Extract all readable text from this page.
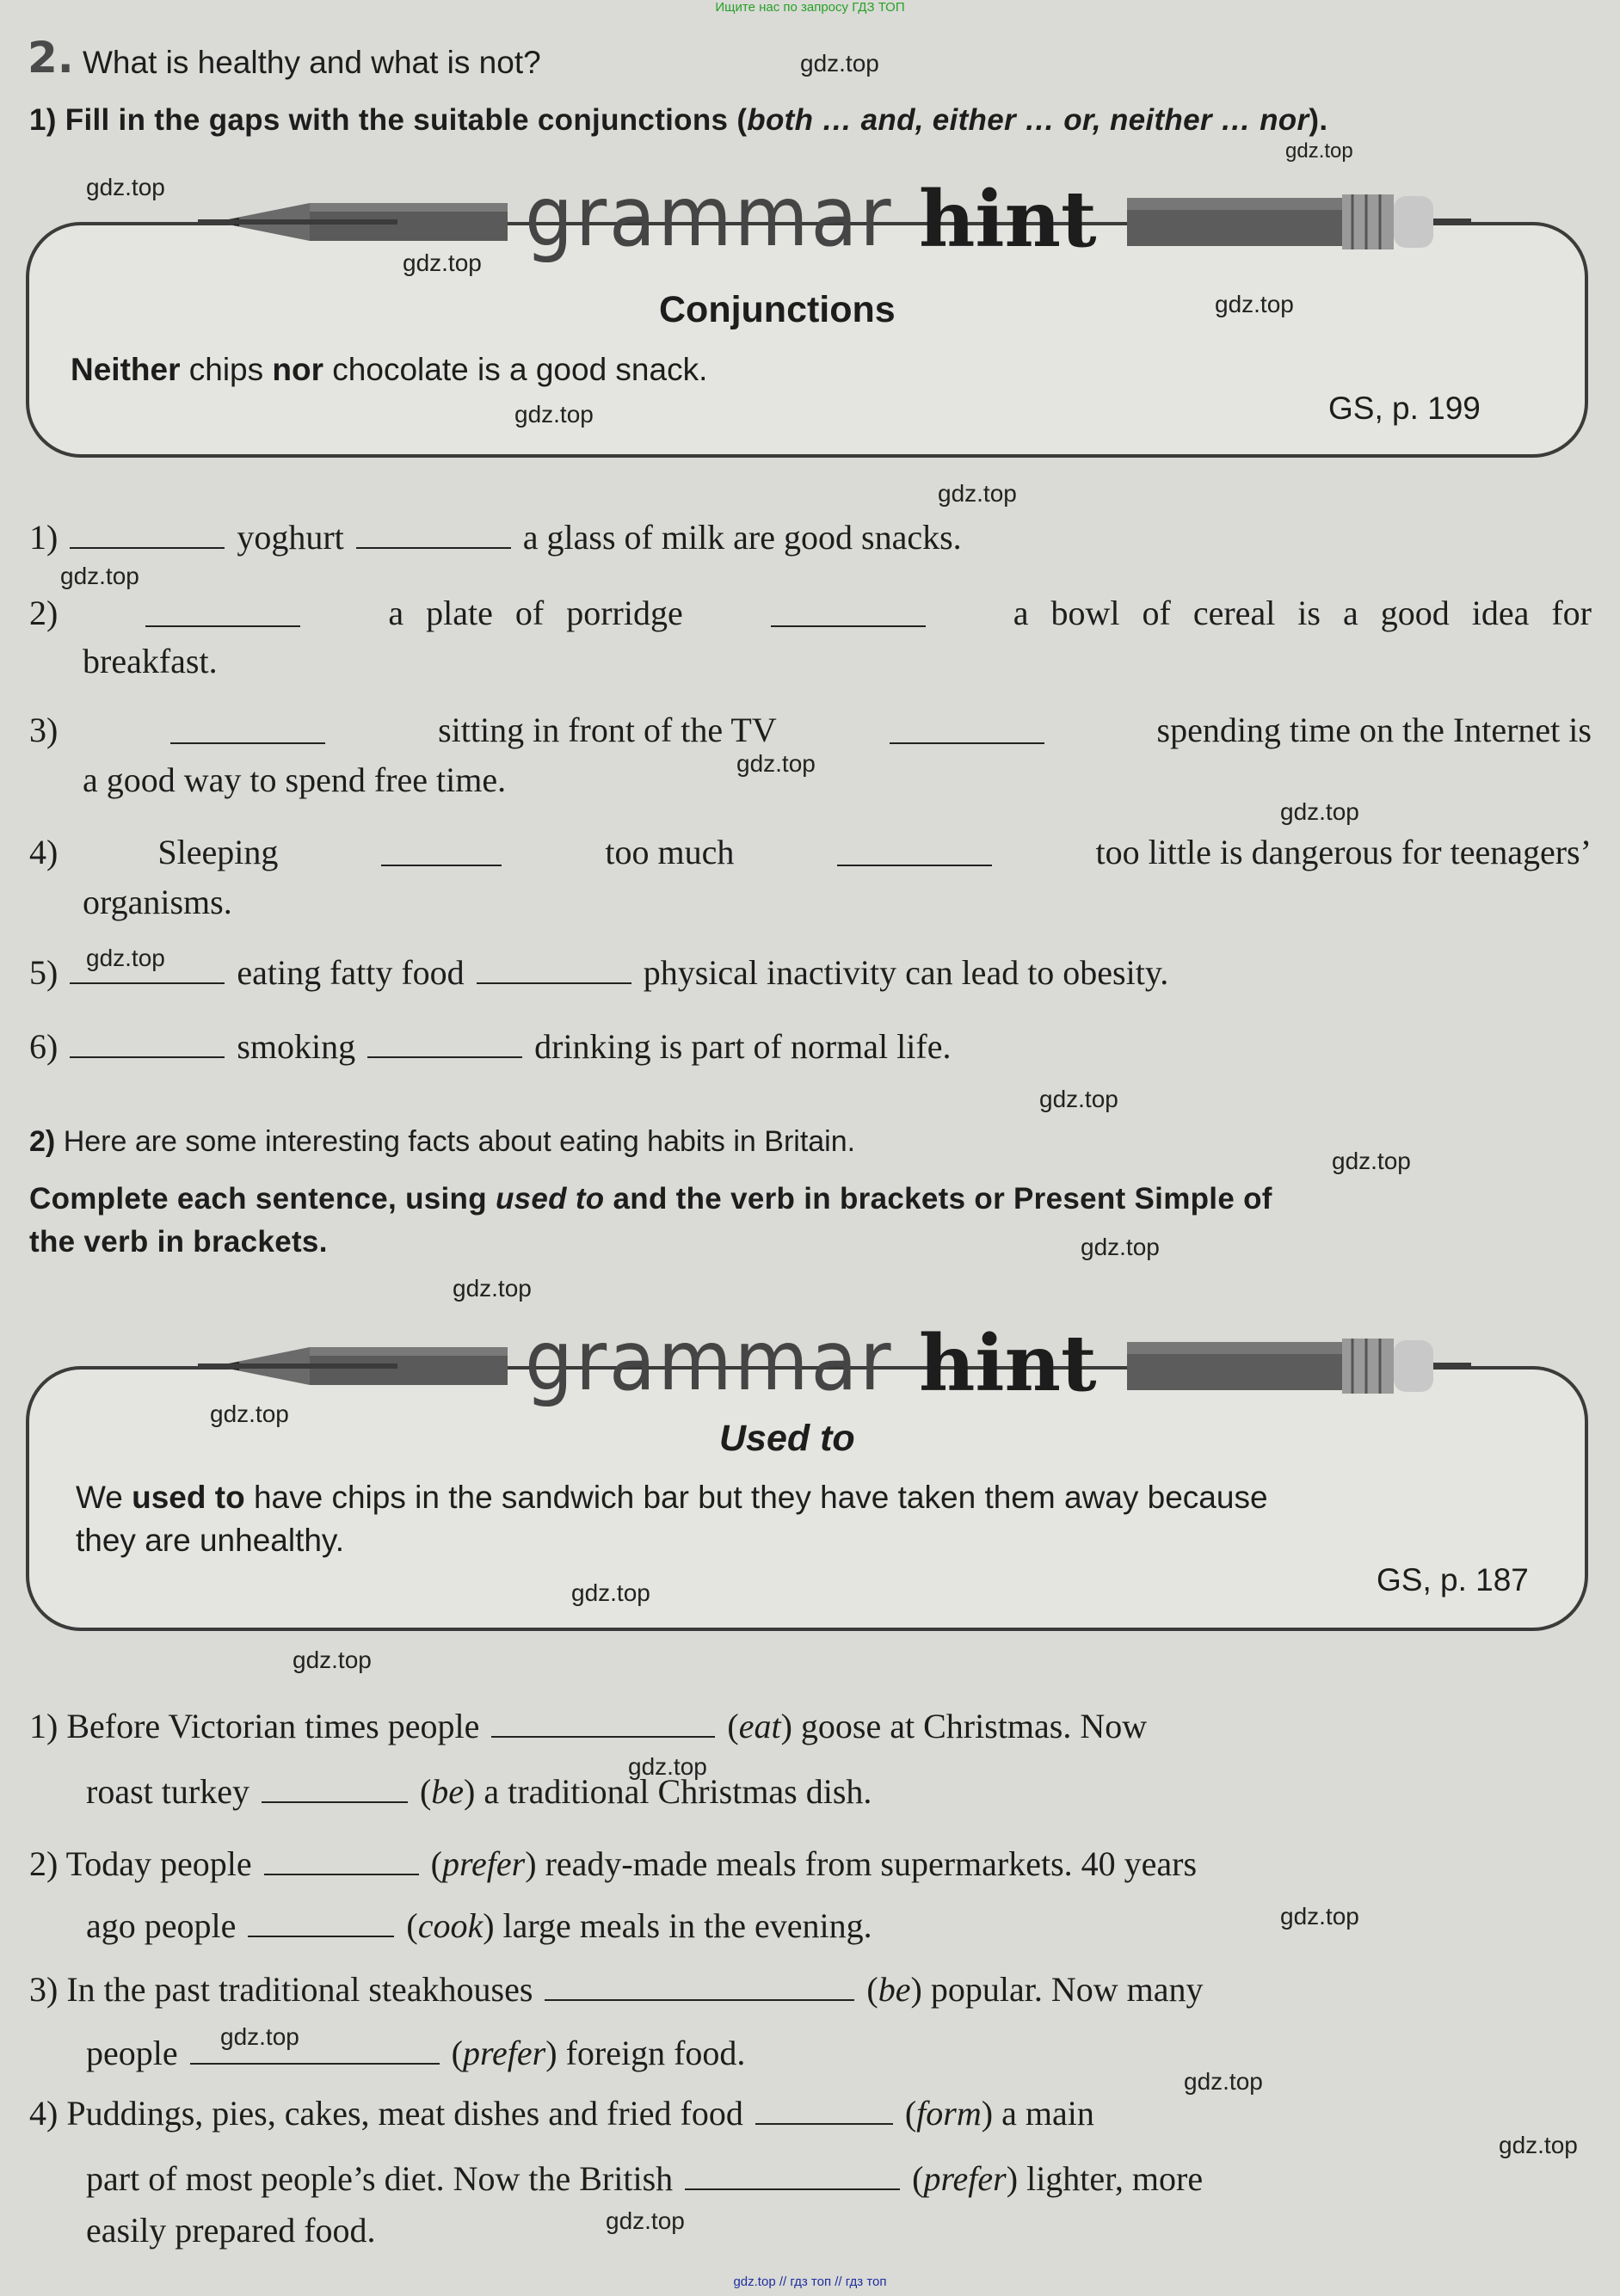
Ищите нас по запросу ГДЗ ТОП
2. What is healthy and what is not?
1) Fill in the gaps with the suitable conjunctions (both … and, either … or, neither … nor).
grammar hint
Conjunctions
Neither chips nor chocolate is a good snack.
GS, p. 199
1)	yoghurt	a glass of milk are good snacks.
2)	a plate of porridge	a bowl of cereal is a good idea for
breakfast.
3)	sitting in front of the TV	spending time on the Internet is
a good way to spend free time.
4)	Sleeping	too much	too little is dangerous for teenagers’
organisms.
5)	eating fatty food	physical inactivity can lead to obesity.
6)	smoking	drinking is part of normal life.
2) Here are some interesting facts about eating habits in Britain.
Complete each sentence, using used to and the verb in brackets or Present Simple of
the verb in brackets.
grammar hint
Used to
We used to have chips in the sandwich bar but they have taken them away because
they are unhealthy.
GS, p. 187
1) Before Victorian times people	(eat) goose at Christmas. Now
roast turkey	(be) a traditional Christmas dish.
2) Today people	(prefer) ready-made meals from supermarkets. 40 years
ago people	(cook) large meals in the evening.
3) In the past traditional steakhouses	(be) popular. Now many
people	(prefer) foreign food.
4) Puddings, pies, cakes, meat dishes and fried food	(form) a main
part of most people’s diet. Now the British	(prefer) lighter, more
easily prepared food.
gdz.top
gdz.top
gdz.top
gdz.top
gdz.top
gdz.top
gdz.top
gdz.top
gdz.top
gdz.top
gdz.top
gdz.top
gdz.top
gdz.top
gdz.top
gdz.top
gdz.top
gdz.top
gdz.top
gdz.top
gdz.top
gdz.top
gdz.top
gdz.top
gdz.top // гдз топ // гдз топ
